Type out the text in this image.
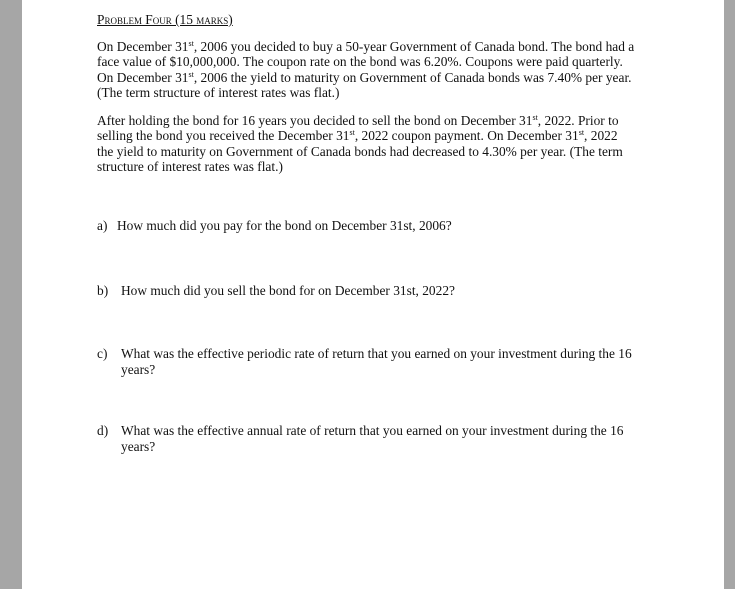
Problem Four (15 marks)
On December 31st, 2006 you decided to buy a 50-year Government of Canada bond. The bond had a
face value of $10,000,000. The coupon rate on the bond was 6.20%. Coupons were paid quarterly.
On December 31st, 2006 the yield to maturity on Government of Canada bonds was 7.40% per year.
(The term structure of interest rates was flat.)
After holding the bond for 16 years you decided to sell the bond on December 31st, 2022. Prior to
selling the bond you received the December 31st, 2022 coupon payment. On December 31st, 2022
the yield to maturity on Government of Canada bonds had decreased to 4.30% per year. (The term
structure of interest rates was flat.)
a) How much did you pay for the bond on December 31st, 2006?
b) How much did you sell the bond for on December 31st, 2022?
c) What was the effective periodic rate of return that you earned on your investment during the 16
years?
d) What was the effective annual rate of return that you earned on your investment during the 16
years?
